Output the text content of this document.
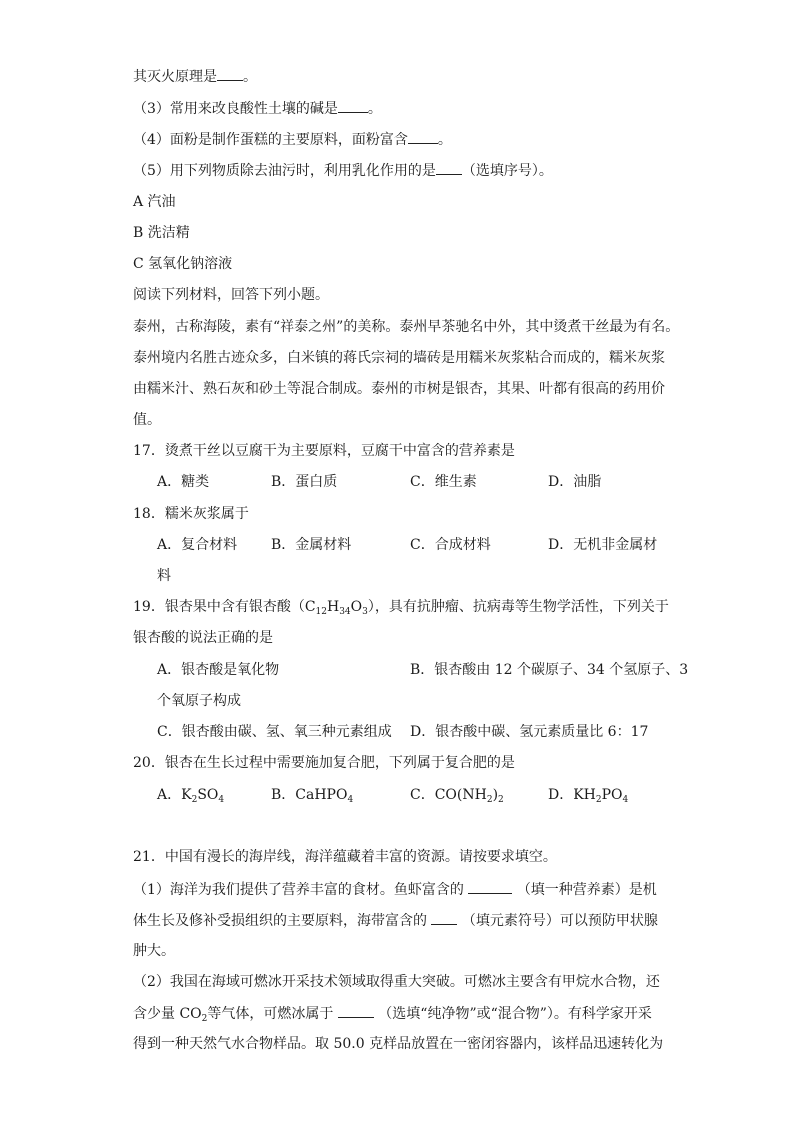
其灭火原理是 。
（3）常用来改良酸性土壤的碱是 。
（4）面粉是制作蛋糕的主要原料，面粉富含 。
（5）用下列物质除去油污时，利用乳化作用的是 （选填序号）。
A 汽油
B 洗洁精
C 氢氧化钠溶液
阅读下列材料，回答下列小题。
泰州，古称海陵，素有“祥泰之州”的美称。泰州早茶驰名中外，其中烫煮干丝最为有名。
泰州境内名胜古迹众多，白米镇的蒋氏宗祠的墙砖是用糯米灰浆粘合而成的，糯米灰浆
由糯米汁、熟石灰和砂土等混合制成。泰州的市树是银杏，其果、叶都有很高的药用价
值。
17．烫煮干丝以豆腐干为主要原料，豆腐干中富含的营养素是
A．糖类	B．蛋白质	C．维生素	D．油脂
18．糯米灰浆属于
A．复合材料 B．金属材料	C．合成材料	D．无机非金属材
料
19．银杏果中含有银杏酸$(C_{12}H_{34}O_3)$，具有抗肿瘤、抗病毒等生物学活性，下列关于
银杏酸的说法正确的是
A．银杏酸是氧化物	B．银杏酸由 12 个碳原子、34 个氢原子、3
个氧原子构成
C．银杏酸由碳、氢、氧三种元素组成 D．银杏酸中碳、氢元素质量比 6：17
20．银杏在生长过程中需要施加复合肥，下列属于复合肥的是
A．$K_2SO_4$	B．CaHPO$_4$	C．$CO(NH_2)_2$	D．$KH_2PO_4$
21．中国有漫长的海岸线，海洋蕴藏着丰富的资源。请按要求填空。
（1）海洋为我们提供了营养丰富的食材。鱼虾富含的	（填一种营养素）是机
体生长及修补受损组织的主要原料，海带富含的 （填元素符号）可以预防甲状腺
肿大。
（2）我国在海域可燃冰开采技术领域取得重大突破。可燃冰主要含有甲烷水合物，还
含少量 $CO_2$等气体，可燃冰属于	（选填“纯净物”或“混合物”）。有科学家开采
得到一种天然气水合物样品。取 50.0 克样品放置在一密闭容器内，该样品迅速转化为
